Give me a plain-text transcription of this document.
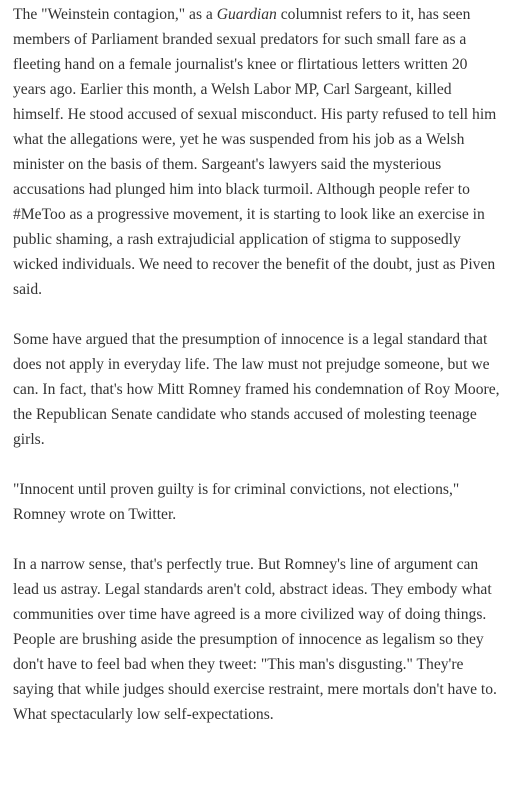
The "Weinstein contagion," as a Guardian columnist refers to it, has seen members of Parliament branded sexual predators for such small fare as a fleeting hand on a female journalist's knee or flirtatious letters written 20 years ago. Earlier this month, a Welsh Labor MP, Carl Sargeant, killed himself. He stood accused of sexual misconduct. His party refused to tell him what the allegations were, yet he was suspended from his job as a Welsh minister on the basis of them. Sargeant's lawyers said the mysterious accusations had plunged him into black turmoil. Although people refer to #MeToo as a progressive movement, it is starting to look like an exercise in public shaming, a rash extrajudicial application of stigma to supposedly wicked individuals. We need to recover the benefit of the doubt, just as Piven said.

Some have argued that the presumption of innocence is a legal standard that does not apply in everyday life. The law must not prejudge someone, but we can. In fact, that's how Mitt Romney framed his condemnation of Roy Moore, the Republican Senate candidate who stands accused of molesting teenage girls.

"Innocent until proven guilty is for criminal convictions, not elections," Romney wrote on Twitter.

In a narrow sense, that's perfectly true. But Romney's line of argument can lead us astray. Legal standards aren't cold, abstract ideas. They embody what communities over time have agreed is a more civilized way of doing things. People are brushing aside the presumption of innocence as legalism so they don't have to feel bad when they tweet: "This man's disgusting." They're saying that while judges should exercise restraint, mere mortals don't have to. What spectacularly low self-expectations.
